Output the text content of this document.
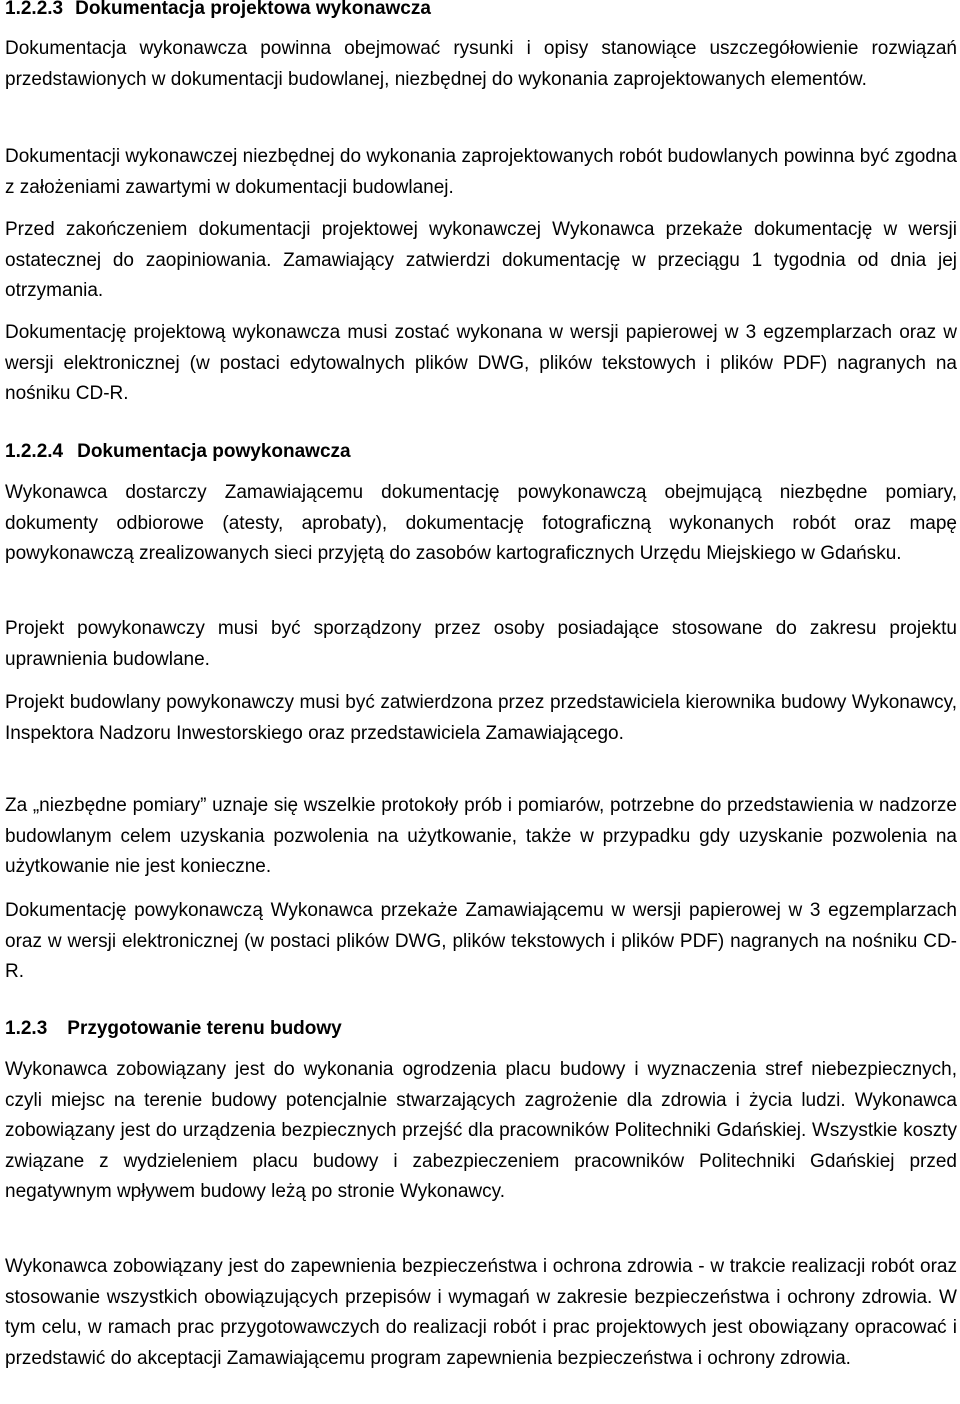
1.2.2.3 Dokumentacja projektowa wykonawcza

Dokumentacja wykonawcza powinna obejmować rysunki i opisy stanowiące uszczegółowienie rozwiązań przedstawionych w dokumentacji budowlanej, niezbędnej do wykonania zaprojektowanych elementów.

Dokumentacji wykonawczej niezbędnej do wykonania zaprojektowanych robót budowlanych powinna być zgodna z założeniami zawartymi w dokumentacji budowlanej.

Przed zakończeniem dokumentacji projektowej wykonawczej Wykonawca przekaże dokumentację w wersji ostatecznej do zaopiniowania. Zamawiający zatwierdzi dokumentację w przeciągu 1 tygodnia od dnia jej otrzymania.

Dokumentację projektową wykonawcza musi zostać wykonana w wersji papierowej w 3 egzemplarzach oraz w wersji elektronicznej (w postaci edytowalnych plików DWG, plików tekstowych i plików PDF) nagranych na nośniku CD-R.

1.2.2.4 Dokumentacja powykonawcza

Wykonawca dostarczy Zamawiającemu dokumentację powykonawczą obejmującą niezbędne pomiary, dokumenty odbiorowe (atesty, aprobaty), dokumentację fotograficzną wykonanych robót oraz mapę powykonawczą zrealizowanych sieci przyjętą do zasobów kartograficznych Urzędu Miejskiego w Gdańsku.

Projekt powykonawczy musi być sporządzony przez osoby posiadające stosowane do zakresu projektu uprawnienia budowlane.

Projekt budowlany powykonawczy musi być zatwierdzona przez przedstawiciela kierownika budowy Wykonawcy, Inspektora Nadzoru Inwestorskiego oraz przedstawiciela Zamawiającego.

Za „niezbędne pomiary” uznaje się wszelkie protokoły prób i pomiarów, potrzebne do przedstawienia w nadzorze budowlanym celem uzyskania pozwolenia na użytkowanie, także w przypadku gdy uzyskanie pozwolenia na użytkowanie nie jest konieczne.

Dokumentację powykonawczą Wykonawca przekaże Zamawiającemu w wersji papierowej w 3 egzemplarzach oraz w wersji elektronicznej (w postaci plików DWG, plików tekstowych i plików PDF) nagranych na nośniku CD-R.

1.2.3 Przygotowanie terenu budowy

Wykonawca zobowiązany jest do wykonania ogrodzenia placu budowy i wyznaczenia stref niebezpiecznych, czyli miejsc na terenie budowy potencjalnie stwarzających zagrożenie dla zdrowia i życia ludzi. Wykonawca zobowiązany jest do urządzenia bezpiecznych przejść dla pracowników Politechniki Gdańskiej. Wszystkie koszty związane z wydzieleniem placu budowy i zabezpieczeniem pracowników Politechniki Gdańskiej przed negatywnym wpływem budowy leżą po stronie Wykonawcy.

Wykonawca zobowiązany jest do zapewnienia bezpieczeństwa i ochrona zdrowia - w trakcie realizacji robót oraz stosowanie wszystkich obowiązujących przepisów i wymagań w zakresie bezpieczeństwa i ochrony zdrowia. W tym celu, w ramach prac przygotowawczych do realizacji robót i prac projektowych jest obowiązany opracować i przedstawić do akceptacji Zamawiającemu program zapewnienia bezpieczeństwa i ochrony zdrowia.
